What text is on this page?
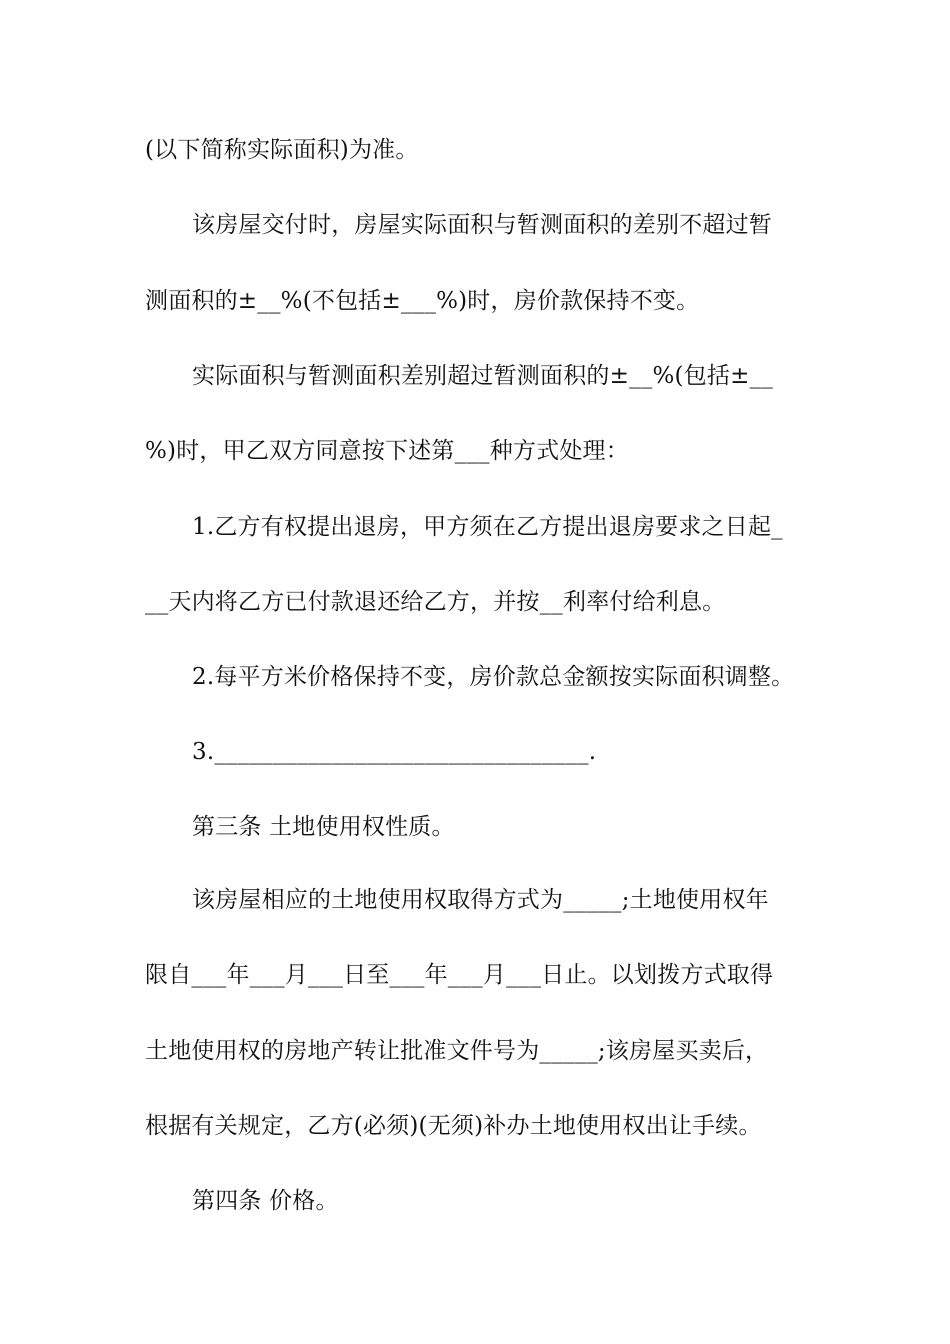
(以下简称实际面积)为准。
该房屋交付时，房屋实际面积与暂测面积的差别不超过暂
测面积的±__%(不包括±___%)时，房价款保持不变。
实际面积与暂测面积差别超过暂测面积的±__%(包括±__
%)时，甲乙双方同意按下述第___种方式处理：
1.乙方有权提出退房，甲方须在乙方提出退房要求之日起_
__天内将乙方已付款退还给乙方，并按__利率付给利息。
2.每平方米价格保持不变，房价款总金额按实际面积调整。
3.________________________________.
第三条 土地使用权性质。
该房屋相应的土地使用权取得方式为_____;土地使用权年
限自___年___月___日至___年___月___日止。以划拨方式取得
土地使用权的房地产转让批准文件号为_____;该房屋买卖后，
根据有关规定，乙方(必须)(无须)补办土地使用权出让手续。
第四条 价格。
